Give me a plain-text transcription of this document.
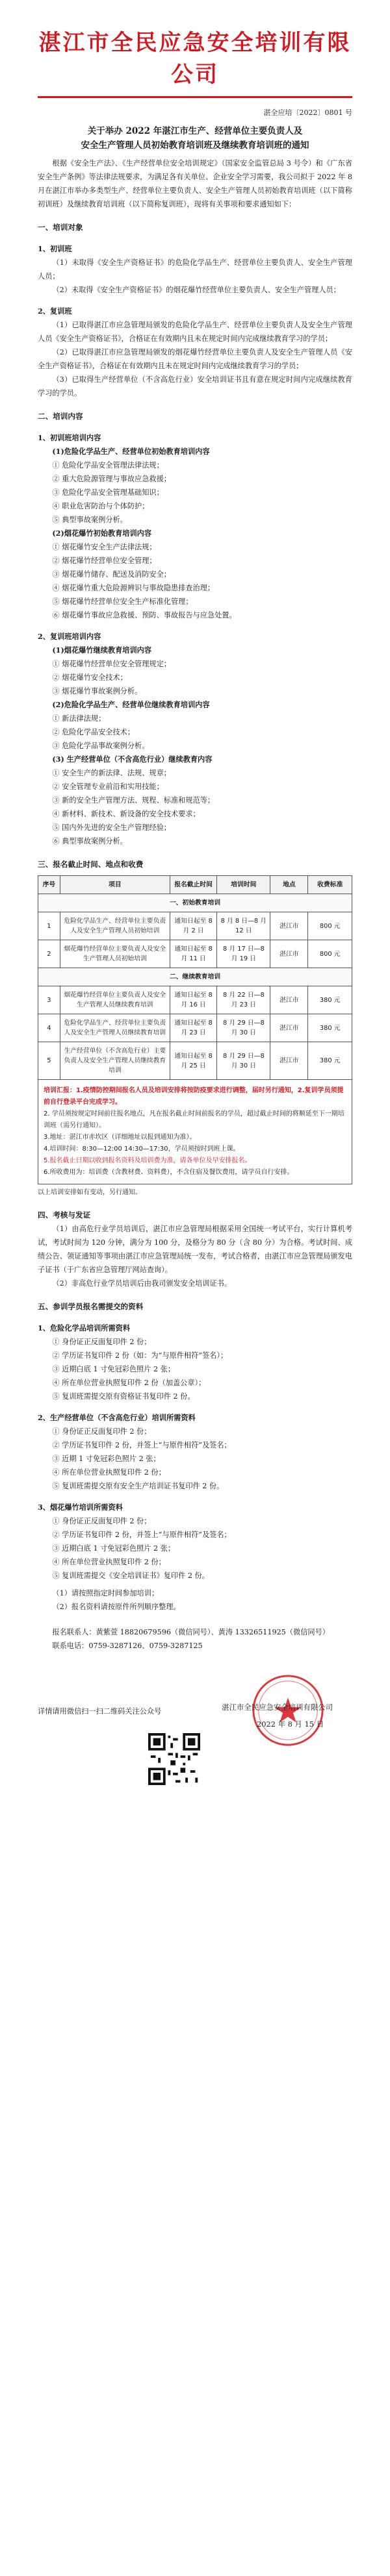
湛江市全民应急安全培训有限公司
湛全应培〔2022〕0801 号
关于举办 2022 年湛江市生产、经营单位主要负责人及
安全生产管理人员初始教育培训班及继续教育培训班的通知

根据《安全生产法》、《生产经营单位安全培训规定》（国家安全监管总局 3 号令）和《广东省安全生产条例》等法律法规要求，为满足各有关单位、企业安全学习需要，我公司拟于 2022 年 8 月在湛江市举办多类型生产、经营单位主要负责人、安全生产管理人员初始教育培训班（以下简称初训班）及继续教育培训班（以下简称复训班），现将有关事项和要求通知如下：

一、培训对象
1、初训班

（1）未取得《安全生产资格证书》的危险化学品生产、经营单位主要负责人、安全生产管理人员；

（2）未取得《安全生产资格证书》的烟花爆竹经营单位主要负责人、安全生产管理人员；

2、复训班

（1）已取得湛江市应急管理局颁发的危险化学品生产、经营单位主要负责人及安全生产管理人员《安全生产资格证书》，合格证在有效期内且未在规定时间内完成继续教育学习的学员；

（2）已取得湛江市应急管理局颁发的烟花爆竹经营单位主要负责人及安全生产管理人员《安全生产资格证书》，合格证在有效期内且未在规定时间内完成继续教育学习的学员；

（3）已取得生产经营单位（不含高危行业）安全培训证书且有意在规定时间内完成继续教育学习的学员。

二、培训内容
1、初训班培训内容
(1)危险化学品生产、经营单位初始教育培训内容

① 危险化学品安全管理法律法规；

② 重大危险源管理与事故应急救援；

③ 危险化学品安全管理基础知识；

④ 职业危害防治与个体防护；

⑤ 典型事故案例分析。

(2)烟花爆竹初始教育培训内容

① 烟花爆竹安全生产法律法规；

② 烟花爆竹经营单位安全管理；

③ 烟花爆竹储存、配送及消防安全；

④ 烟花爆竹重大危险源辨识与事故隐患排查治理；

⑤ 烟花爆竹经营单位安全生产标准化管理；

⑥ 烟花爆竹事故应急救援、预防、事故报告与应急处置。

2、复训班培训内容
(1)烟花爆竹继续教育培训内容

① 烟花爆竹经营单位安全管理规定；

② 烟花爆竹安全技术；

③ 烟花爆竹事故案例分析。

(2)危险化学品生产、经营单位继续教育培训内容

① 新法律法规；

② 危险化学品安全技术；

③ 危险化学品事故案例分析。

(3) 生产经营单位（不含高危行业）继续教育内容

① 安全生产的新法律、法规、规章；

② 安全管理专业前沿和实用技能；

③ 新的安全生产管理方法、规程、标准和规范等；

④ 新材料、新技术、新设备的安全技术要求；

⑤ 国内外先进的安全生产管理经验；

⑥ 典型事故案例分析。

三、报名截止时间、地点和收费
序号	项目	报名截止时间	培训时间	地点	收费标准
一、初始教育培训					
1	危险化学品生产、经营单位主要负责人及安全生产管理人员初始培训	通知日起至 8 月 2 日	8 月 8 日—8 月 12 日	湛江市	800 元
2	烟花爆竹经营单位主要负责人及安全生产管理人员初始培训	通知日起至 8 月 11 日	8 月 17 日—8 月 19 日	湛江市	800 元
二、继续教育培训					
3	烟花爆竹经营单位主要负责人及安全生产管理人员继续教育培训	通知日起至 8 月 16 日	8 月 22 日—8 月 23 日	湛江市	380 元
4	危险化学品生产、经营单位主要负责人及安全生产管理人员继续教育培训	通知日起至 8 月 23 日	8 月 29 日—8 月 30 日	湛江市	380 元
5	生产经营单位（不含高危行业）主要负责人及安全生产管理人员继续教育培训	通知日起至 8 月 25 日	8 月 29 日—8 月 30 日	湛江市	380 元
培训汇报：1.疫情防控期间报名人员及培训安排将按防疫要求进行调整，届时另行通知，2.复训学员须提前自行登录平台完成学习。
2. 学员须按规定时间前往报名地点，凡在报名截止时间前报名的学员，超过截止时间的将顺延至下一期培训班（需另行通知）。
3.地址：湛江市赤坎区（详细地址以报到通知为准）。
4.培训时间：8:30—12:00 14:30—17:30，学员须按时到班上课。
5.报名截止日期以收到报名资料及培训费为准，请各单位及早安排报名。
6.所收费用为：培训费（含教材费、资料费），不含住宿及餐饮费用，请学员自行安排。
以上培训安排如有变动，另行通知。
四、考核与发证

（1）由高危行业学员培训后，湛江市应急管理局根据采用全国统一考试平台，实行计算机考试，考试时间为 120 分钟，满分为 100 分，及格分为 80 分（含 80 分）为合格。考试时间、成绩公告、领证通知等事项由湛江市应急管理局统一发布，考试合格者，由湛江市应急管理局颁发电子证书（于广东省应急管理厅网站查询）。

（2）非高危行业学员培训后由我司颁发安全培训证书。

五、参训学员报名需提交的资料
1、危险化学品培训所需资料

① 身份证正反面复印件 2 份；

② 学历证书复印件 2 份（如：为“与原件相符”签名）；

③ 近期白底 1 寸免冠彩色照片 2 张；

④ 所在单位营业执照复印件 2 份（加盖公章）；

⑤ 复训班需提交原有资格证书复印件 2 份。

2、生产经营单位（不含高危行业）培训所需资料

① 身份证正反面复印件 2 份；

② 学历证书复印件 2 份，并签上“与原件相符”及签名；

③ 近期 1 寸免冠彩色照片 2 张；

④ 所在单位营业执照复印件 2 份；

⑤ 复训班需提交原有安全生产培训证书复印件 2 份。

3、烟花爆竹培训所需资料

① 身份证正反面复印件 2 份；

② 学历证书复印件 2 份，并签上“与原件相符”及签名；

③ 近期白底 1 寸免冠彩色照片 2 张；

④ 所在单位营业执照复印件 2 份；

⑤ 复训班需提交《安全培训证书》复印件 2 份。

（1）请按照指定时间参加培训；

（2）报名资料请按原件所列顺序整理。

报名联系人：黄紫萱 18820679596（微信同号）、黄涛 13326511925（微信同号）
联系电话：0759-3287126、0759-3287125
详情请用微信扫一扫二维码关注公众号	湛江市全民应急安全培训有限公司
2022 年 8 月 15 日
